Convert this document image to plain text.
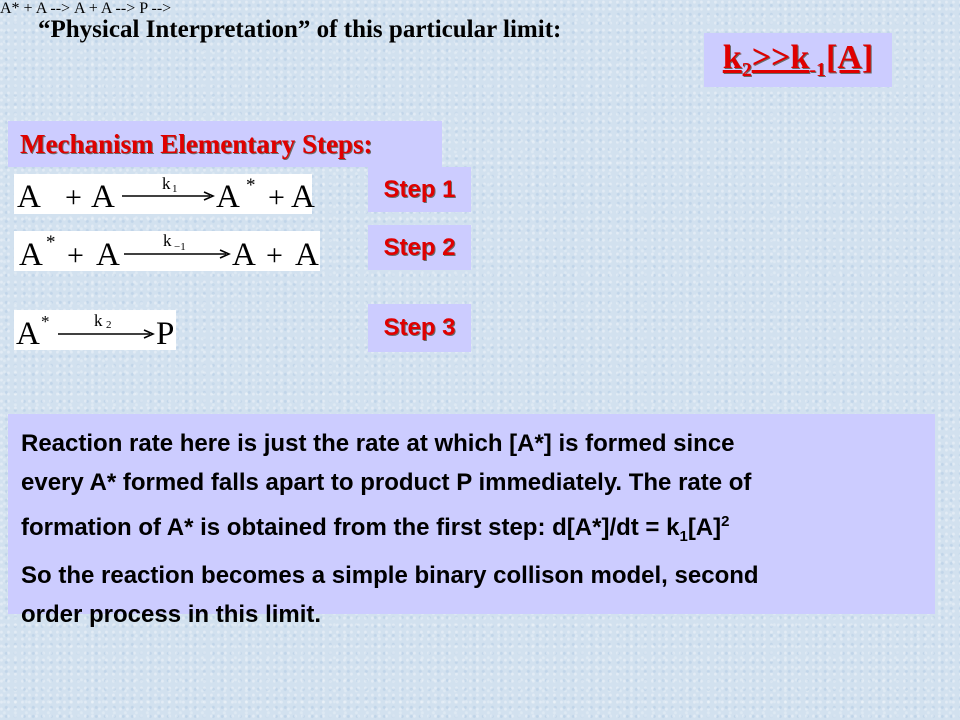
“Physical Interpretation” of this particular limit:
$k_2>>k_{-1}[A]$
Mechanism Elementary Steps:
A* + A -->
A + A	k 1 A * + A
A + A -->
A * + A	k −1 A + A
P -->
A *	k 2 P
Step 1
Step 2
Step 3
Reaction rate here is just the rate at which [A*] is formed since
every A* formed falls apart to product P immediately. The rate of
formation of A* is obtained from the first step: $d[A*]/dt = k_1[A]^2$
So the reaction becomes a simple binary collison model, second
order process in this limit.
